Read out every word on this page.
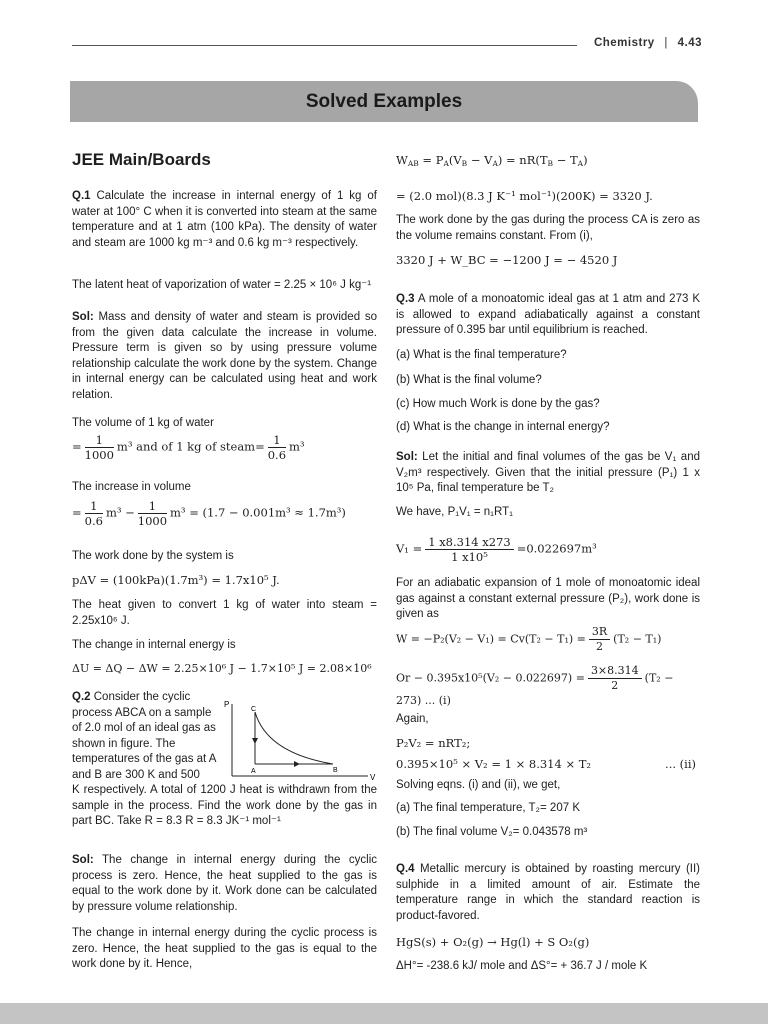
Chemistry | 4.43
Solved Examples
JEE Main/Boards

Q.1 Calculate the increase in internal energy of 1 kg of water at 100° C when it is converted into steam at the same temperature and at 1 atm (100 kPa). The density of water and steam are 1000 kg m⁻³ and 0.6 kg m⁻³ respectively.

The latent heat of vaporization of water = 2.25 × 10⁶ J kg⁻¹

Sol: Mass and density of water and steam is provided so from the given data calculate the increase in volume. Pressure term is given so by using pressure volume relationship calculate the work done by the system. Change in internal energy can be calculated using heat and work relation.

The volume of 1 kg of water
= $\frac{1}{1000} m^3$ and of 1 kg of steam= $\frac{1}{0.6} m^3$
The increase in volume
= $\frac{1}{0.6} m^3 - \frac{1}{1000} m^3 = (1.7 - 0.001m^3 \approx 1.7m^3)$
The work done by the system is
pΔV = (100kPa)(1.7m³) = 1.7x10⁵ J.
The heat given to convert 1 kg of water into steam = 2.25x10⁶ J.
The change in internal energy is
ΔU = ΔQ − ΔW = 2.25×10⁶ J − 1.7×10⁵ J = 2.08×10⁶

Q.2 Consider the cyclic process ABCA on a sample of 2.0 mol of an ideal gas as shown in figure. The temperatures of the gas at A and B are 300 K and 500

P
V
A	B
C
K respectively. A total of 1200 J heat is withdrawn from the sample in the process. Find the work done by the gas in part BC. Take R = 8.3 R = 8.3 JK⁻¹ mol⁻¹

Sol: The change in internal energy during the cyclic process is zero. Hence, the heat supplied to the gas is equal to the work done by it. Work done can be calculated by pressure volume relationship.

The change in internal energy during the cyclic process is zero. Hence, the heat supplied to the gas is equal to the work done by it. Hence,
$W_{AB} = P_A(V_B - V_A) = nR(T_B - T_A)$
= (2.0 mol)(8.3 J K⁻¹ mol⁻¹)(200K) = 3320 J.
The work done by the gas during the process CA is zero as the volume remains constant. From (i),
3320 J + W_BC = −1200 J = − 4520 J

Q.3 A mole of a monoatomic ideal gas at 1 atm and 273 K is allowed to expand adiabatically against a constant pressure of 0.395 bar until equilibrium is reached.

(a) What is the final temperature?
(b) What is the final volume?
(c) How much Work is done by the gas?
(d) What is the change in internal energy?

Sol: Let the initial and final volumes of the gas be V₁ and V₂m³ respectively. Given that the initial pressure (P₁) 1 x 10⁵ Pa, final temperature be T₂

We have, P₁V₁ = n₁RT₁
$V_1 = \frac{1 x8.314 x273}{\text{1 x10⁵}} =0.022697m^3$
For an adiabatic expansion of 1 mole of monoatomic ideal gas against a constant external pressure (P₂), work done is given as
$W = -P_2(V_2 - V_1) = Cv(T_2 - T_1) = \frac{3R}{2} (T_2 - T_1)$
$Or - 0.395x10^5(V_2 - 0.022697) = \frac{3\times 8.314}{2} (T_2 - 273)$ ... (i)
Again,
P₂V₂ = nRT₂;
0.395×10⁵ × V₂ = 1 × 8.314 × T₂	... (ii)
Solving eqns. (i) and (ii), we get,
(a) The final temperature, T₂= 207 K
(b) The final volume V₂= 0.043578 m³

Q.4 Metallic mercury is obtained by roasting mercury (II) sulphide in a limited amount of air. Estimate the temperature range in which the standard reaction is product-favored.

HgS(s) + O₂(g) → Hg(l) + S O₂(g)
ΔH°= -238.6 kJ/ mole and ΔS°= + 36.7 J / mole K
